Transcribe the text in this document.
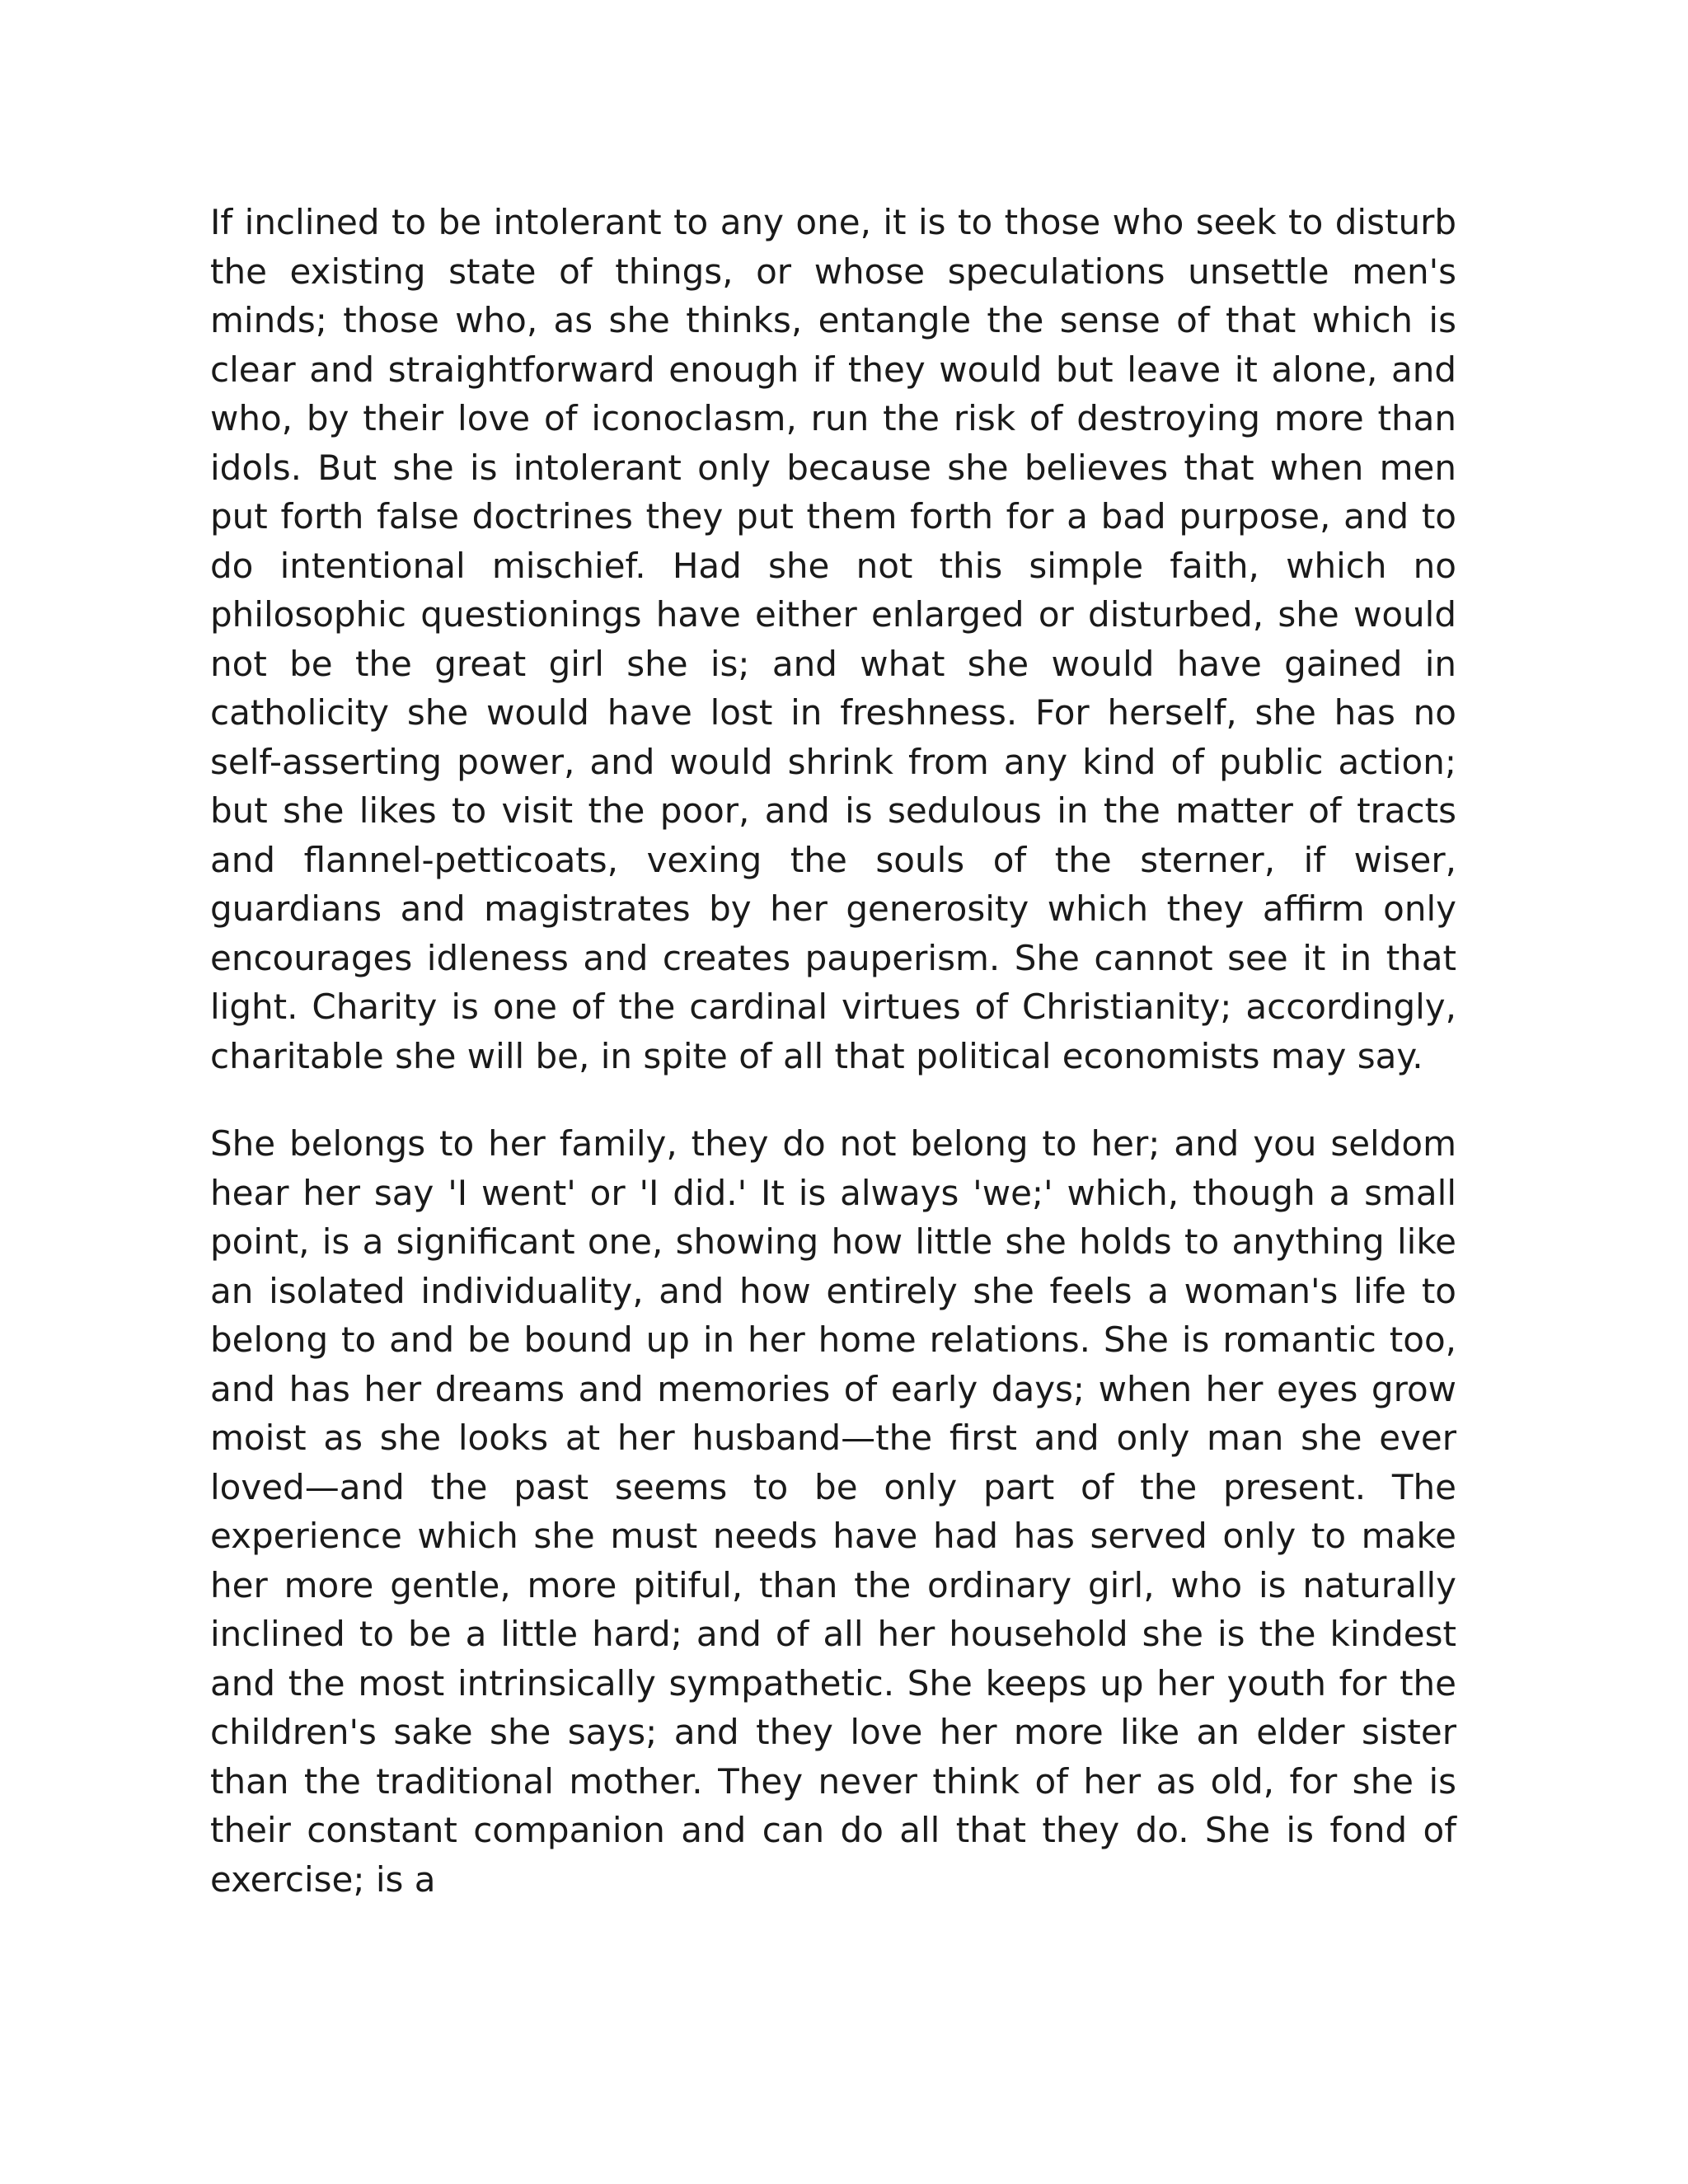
If inclined to be intolerant to any one, it is to those who seek to disturb the existing state of things, or whose speculations unsettle men's minds; those who, as she thinks, entangle the sense of that which is clear and straightforward enough if they would but leave it alone, and who, by their love of iconoclasm, run the risk of destroying more than idols. But she is intolerant only because she believes that when men put forth false doctrines they put them forth for a bad purpose, and to do intentional mischief. Had she not this simple faith, which no philosophic questionings have either enlarged or disturbed, she would not be the great girl she is; and what she would have gained in catholicity she would have lost in freshness. For herself, she has no self-asserting power, and would shrink from any kind of public action; but she likes to visit the poor, and is sedulous in the matter of tracts and flannel-petticoats, vexing the souls of the sterner, if wiser, guardians and magistrates by her generosity which they affirm only encourages idleness and creates pauperism. She cannot see it in that light. Charity is one of the cardinal virtues of Christianity; accordingly, charitable she will be, in spite of all that political economists may say.

She belongs to her family, they do not belong to her; and you seldom hear her say 'I went' or 'I did.' It is always 'we;' which, though a small point, is a significant one, showing how little she holds to anything like an isolated individuality, and how entirely she feels a woman's life to belong to and be bound up in her home relations. She is romantic too, and has her dreams and memories of early days; when her eyes grow moist as she looks at her husband—the first and only man she ever loved—and the past seems to be only part of the present. The experience which she must needs have had has served only to make her more gentle, more pitiful, than the ordinary girl, who is naturally inclined to be a little hard; and of all her household she is the kindest and the most intrinsically sympathetic. She keeps up her youth for the children's sake she says; and they love her more like an elder sister than the traditional mother. They never think of her as old, for she is their constant companion and can do all that they do. She is fond of exercise; is a
